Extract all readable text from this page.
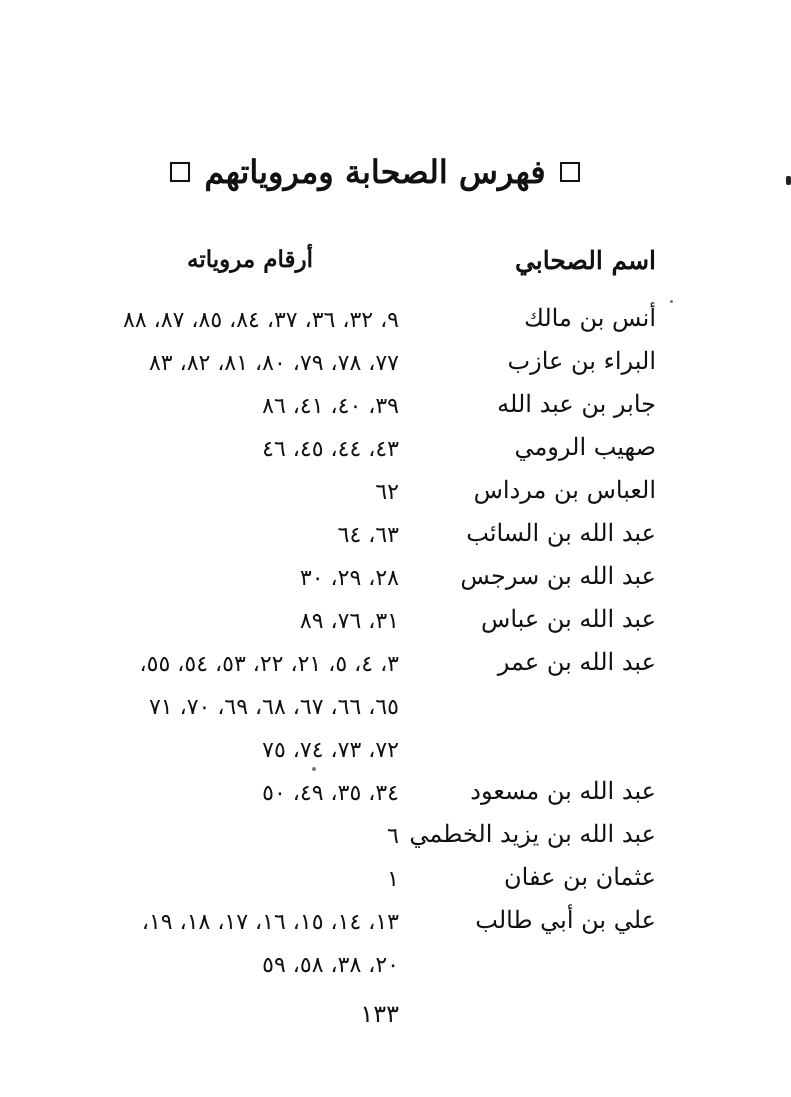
فهرس الصحابة ومروياتهم
اسم الصحابي
أرقام مروياته
أنس بن مالك
٩، ٣٢، ٣٦، ٣٧، ٨٤، ٨٥، ٨٧، ٨٨
البراء بن عازب
٧٧، ٧٨، ٧٩، ٨٠، ٨١، ٨٢، ٨٣
جابر بن عبد الله
٣٩، ٤٠، ٤١، ٨٦
صهيب الرومي
٤٣، ٤٤، ٤٥، ٤٦
العباس بن مرداس
٦٢
عبد الله بن السائب
٦٣، ٦٤
عبد الله بن سرجس
٢٨، ٢٩، ٣٠
عبد الله بن عباس
٣١، ٧٦، ٨٩
عبد الله بن عمر
٣، ٤، ٥، ٢١، ٢٢، ٥٣، ٥٤، ٥٥،
٦٥، ٦٦، ٦٧، ٦٨، ٦٩، ٧٠، ٧١
٧٢، ٧٣، ٧٤، ٧٥
عبد الله بن مسعود
٣٤، ٣٥، ٤٩، ٥٠
عبد الله بن يزيد الخطمي
٦
عثمان بن عفان
١
علي بن أبي طالب
١٣، ١٤، ١٥، ١٦، ١٧، ١٨، ١٩،
٢٠، ٣٨، ٥٨، ٥٩
١٣٣
